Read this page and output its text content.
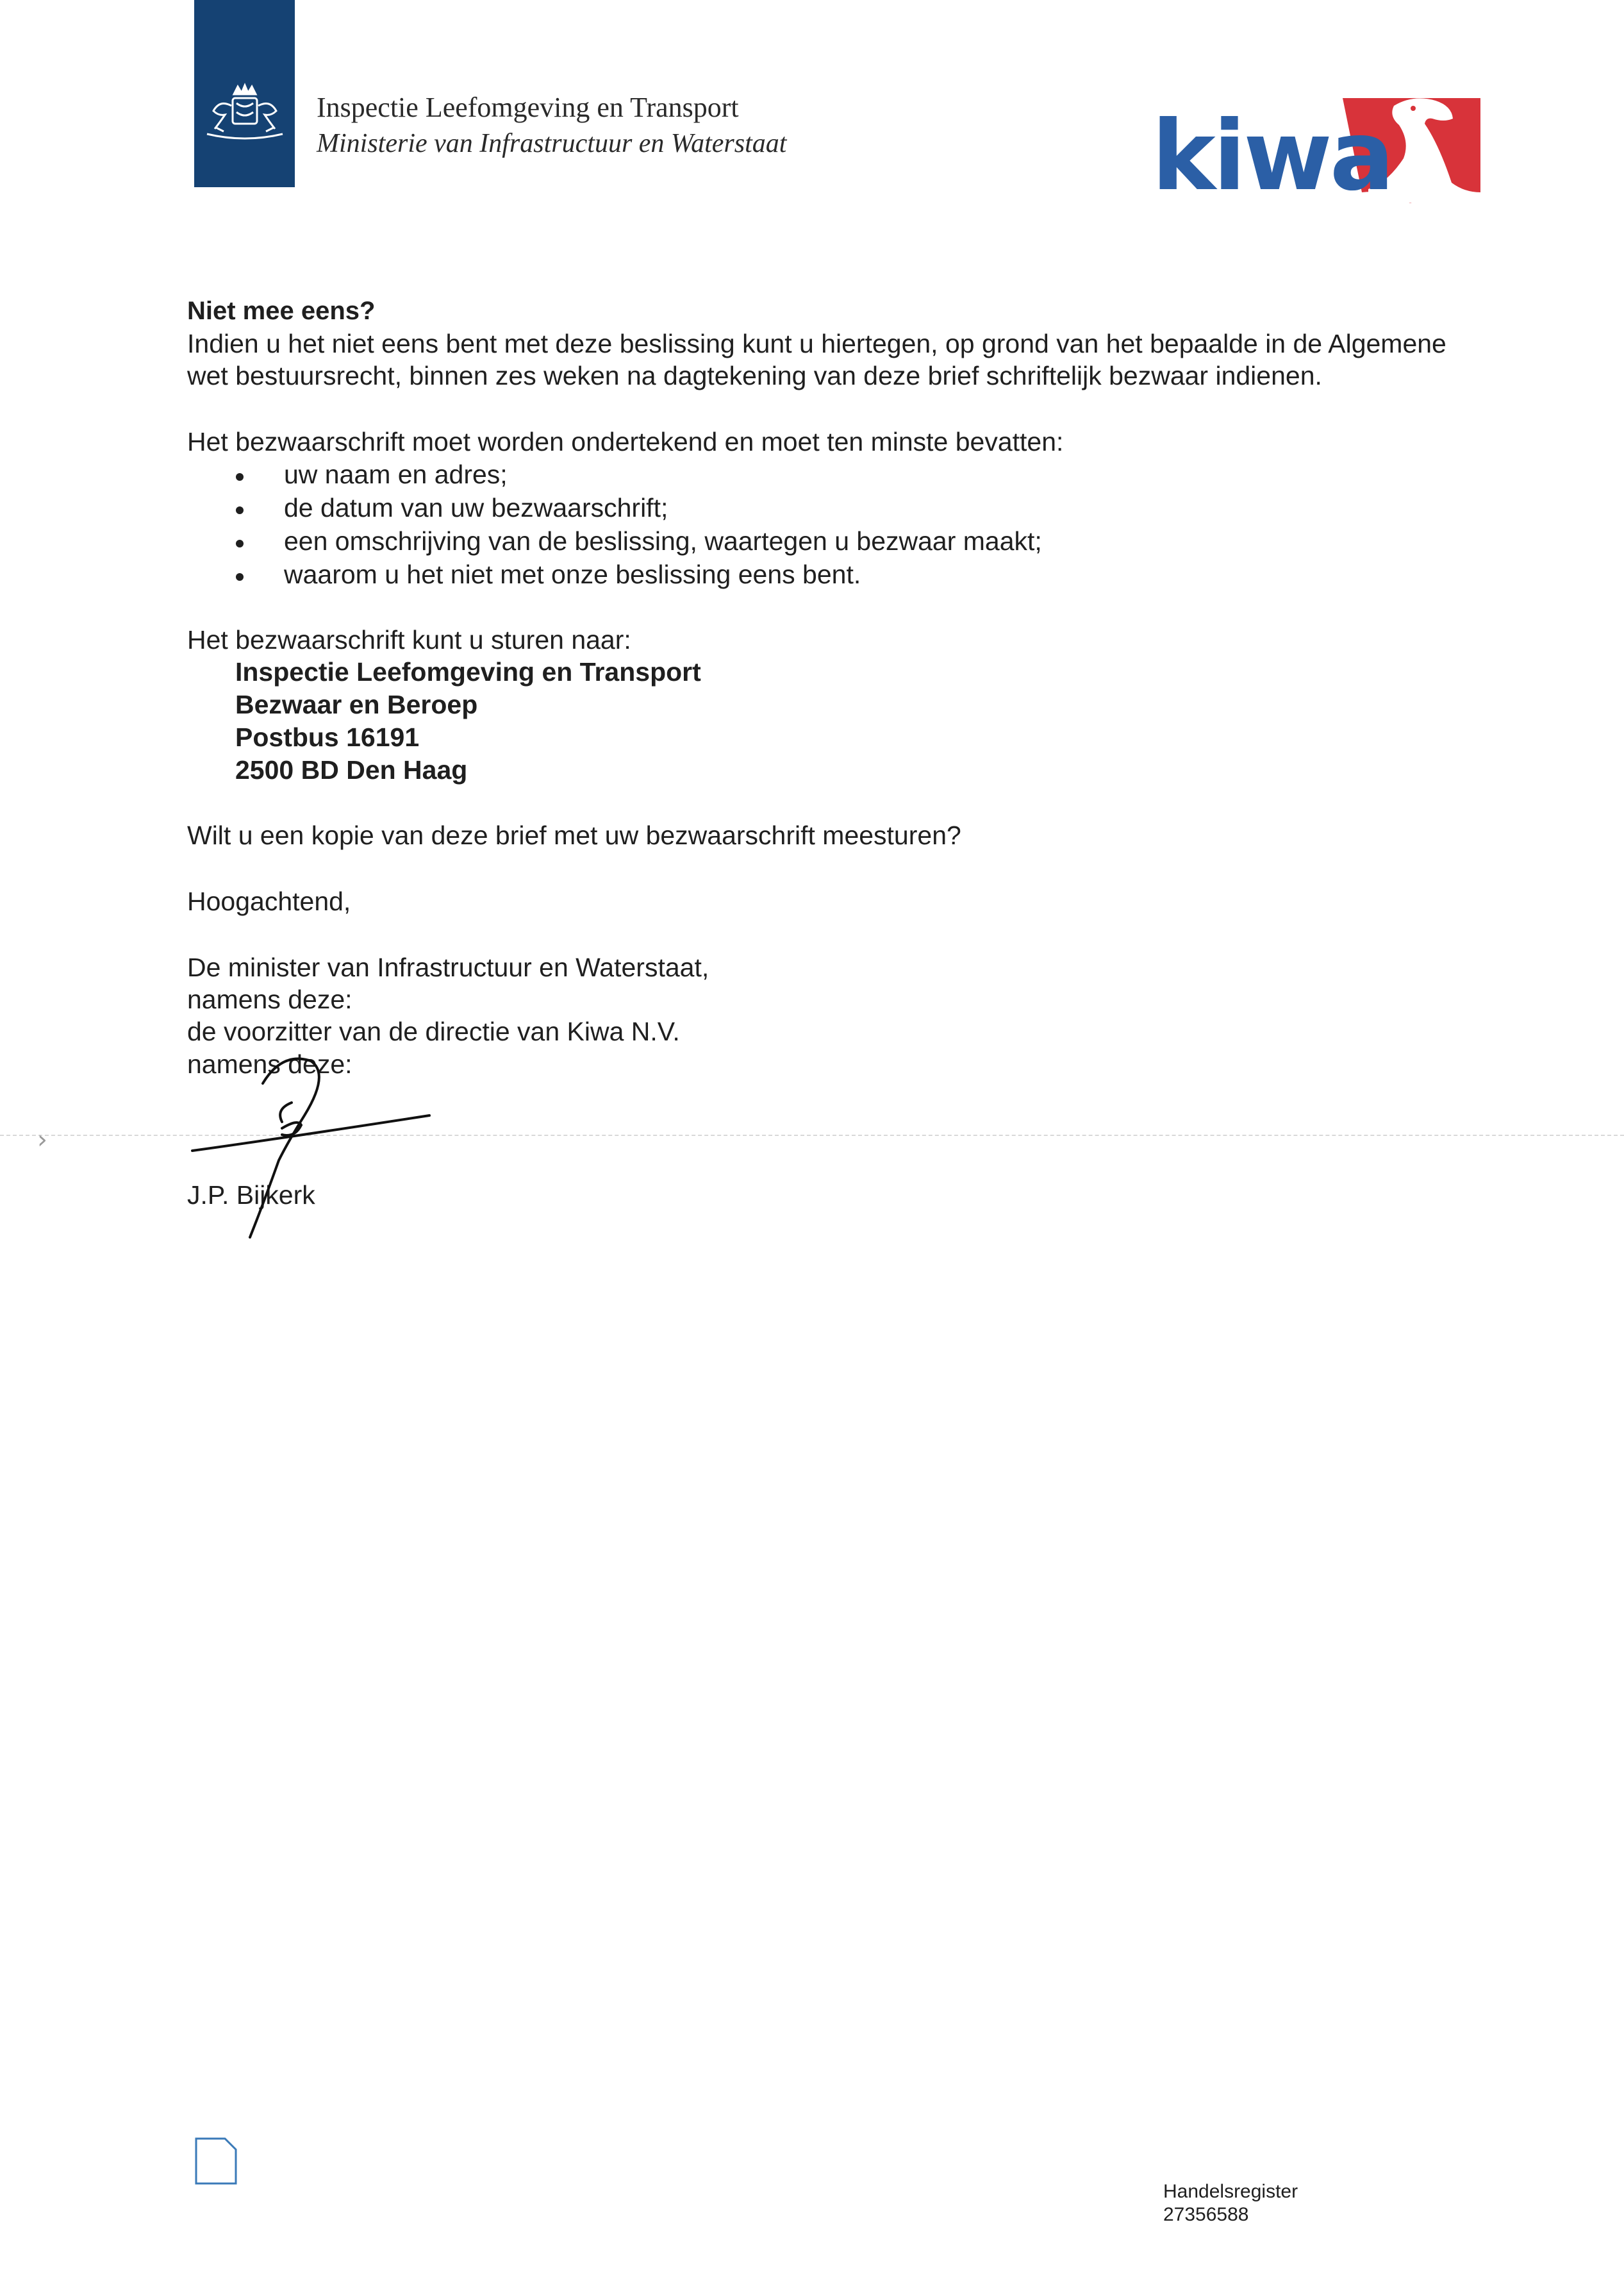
Inspectie Leefomgeving en Transport
Ministerie van Infrastructuur en Waterstaat	kiwa
Niet mee eens?
Indien u het niet eens bent met deze beslissing kunt u hiertegen, op grond van het bepaalde in de Algemene
wet bestuursrecht, binnen zes weken na dagtekening van deze brief schriftelijk bezwaar indienen.
Het bezwaarschrift moet worden ondertekend en moet ten minste bevatten:
uw naam en adres;
de datum van uw bezwaarschrift;
een omschrijving van de beslissing, waartegen u bezwaar maakt;
waarom u het niet met onze beslissing eens bent.
Het bezwaarschrift kunt u sturen naar:
Inspectie Leefomgeving en Transport
Bezwaar en Beroep
Postbus 16191
2500 BD Den Haag
Wilt u een kopie van deze brief met uw bezwaarschrift meesturen?
Hoogachtend,
De minister van Infrastructuur en Waterstaat,
namens deze:
de voorzitter van de directie van Kiwa N.V.
namens deze:
›
J.P. Bijkerk
Handelsregister
27356588
